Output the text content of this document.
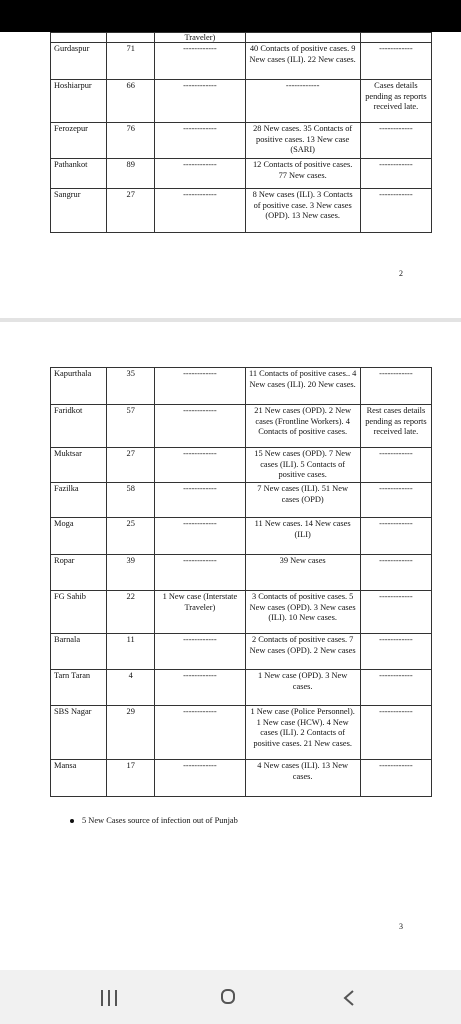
		Traveler)		
Gurdaspur	71	------------	40 Contacts of positive cases. 9 New cases (ILI). 22 New cases.	------------
Hoshiarpur	66	------------	------------	Cases details pending as reports received late.
Ferozepur	76	------------	28 New cases. 35 Contacts of positive cases. 13 New case (SARI)	------------
Pathankot	89	------------	12 Contacts of positive cases. 77 New cases.	------------
Sangrur	27	------------	8 New cases (ILI). 3 Contacts of positive case. 3 New cases (OPD). 13 New cases.	------------
2
Kapurthala	35	------------	11 Contacts of positive cases.. 4 New cases (ILI). 20 New cases.	------------
Faridkot	57	------------	21 New cases (OPD). 2 New cases (Frontline Workers). 4 Contacts of positive cases.	Rest cases details pending as reports received late.
Muktsar	27	------------	15 New cases (OPD). 7 New cases (ILI). 5 Contacts of positive cases.	------------
Fazilka	58	------------	7 New cases (ILI). 51 New cases (OPD)	------------
Moga	25	------------	11 New cases. 14 New cases (ILI)	------------
Ropar	39	------------	39 New cases	------------
FG Sahib	22	1 New case (Interstate Traveler)	3 Contacts of positive cases. 5 New cases (OPD). 3 New cases (ILI). 10 New cases.	------------
Barnala	11	------------	2 Contacts of positive cases. 7 New cases (OPD). 2 New cases	------------
Tarn Taran	4	------------	1 New case (OPD). 3 New cases.	------------
SBS Nagar	29	------------	1 New case (Police Personnel). 1 New case (HCW). 4 New cases (ILI). 2 Contacts of positive cases. 21 New cases.	------------
Mansa	17	------------	4 New cases (ILI). 13 New cases.	------------
5 New Cases source of infection out of Punjab
3
